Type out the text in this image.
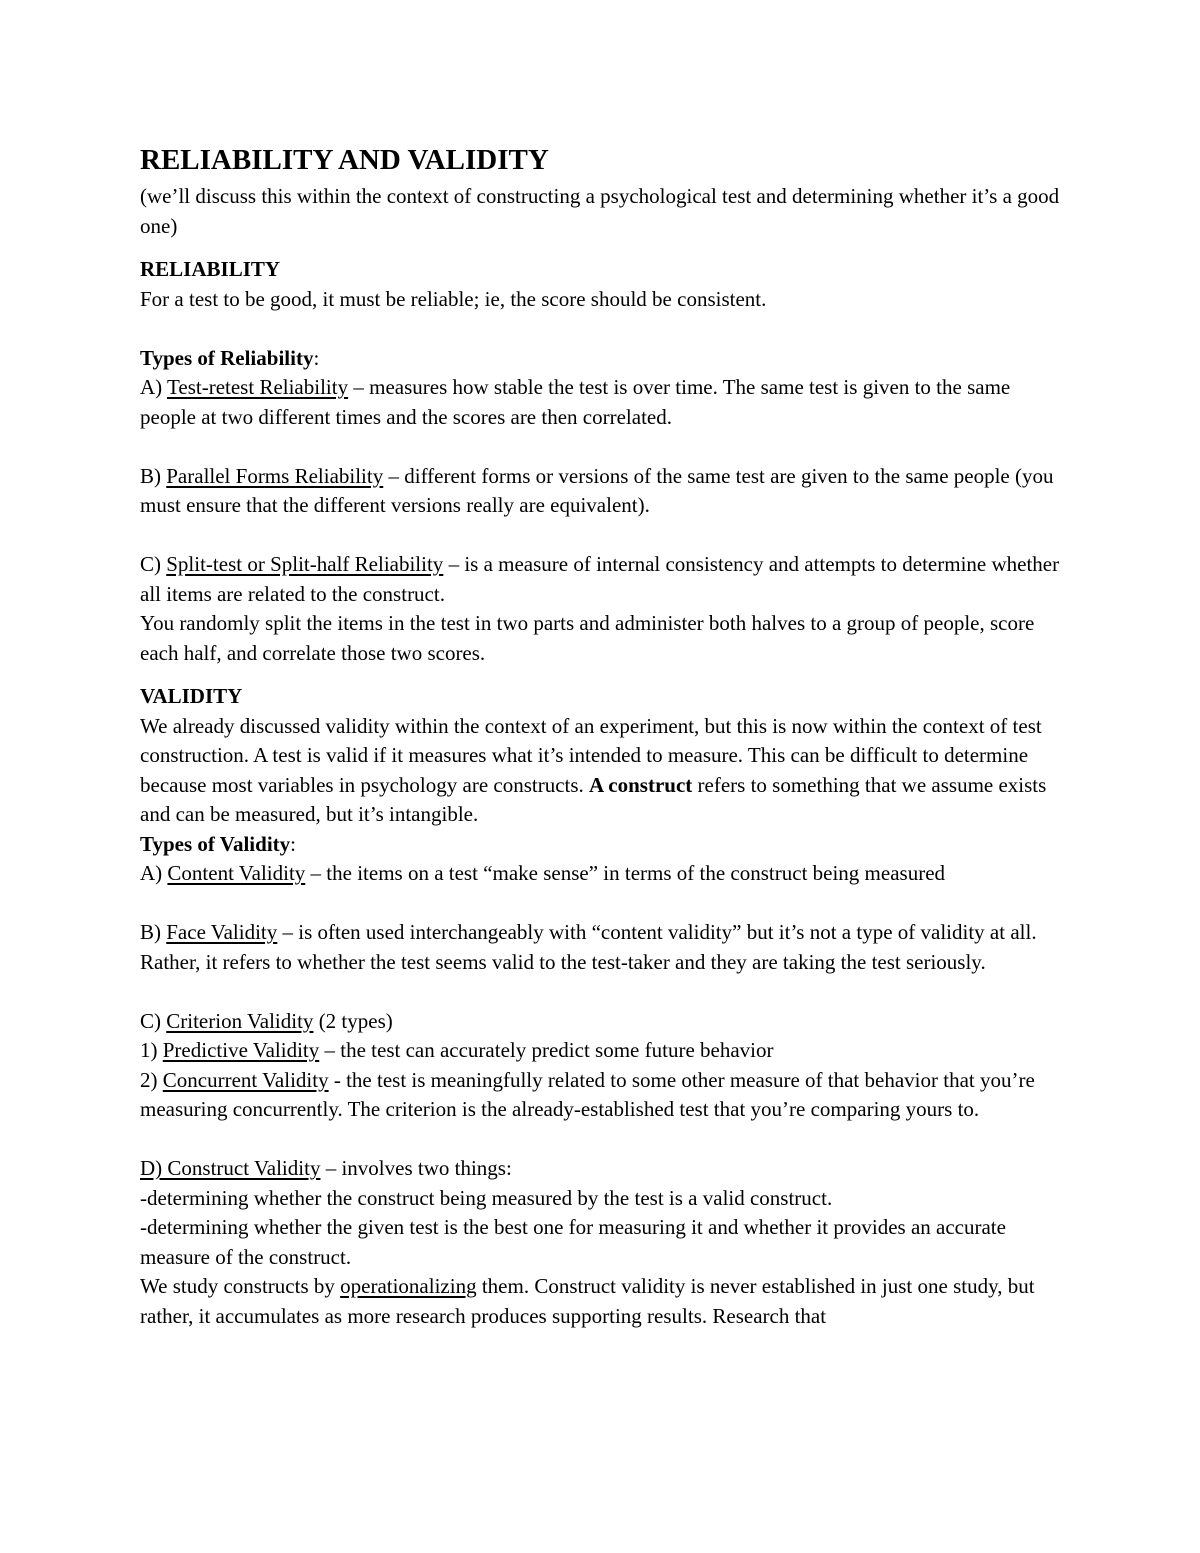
RELIABILITY AND VALIDITY

(we’ll discuss this within the context of constructing a psychological test and determining whether it’s a good one)

RELIABILITY

For a test to be good, it must be reliable; ie, the score should be consistent.

Types of Reliability:

A) Test-retest Reliability – measures how stable the test is over time. The same test is given to the same people at two different times and the scores are then correlated.

B) Parallel Forms Reliability – different forms or versions of the same test are given to the same people (you must ensure that the different versions really are equivalent).

C) Split-test or Split-half Reliability – is a measure of internal consistency and attempts to determine whether all items are related to the construct.

You randomly split the items in the test in two parts and administer both halves to a group of people, score each half, and correlate those two scores.

VALIDITY

We already discussed validity within the context of an experiment, but this is now within the context of test construction. A test is valid if it measures what it’s intended to measure. This can be difficult to determine because most variables in psychology are constructs. A construct refers to something that we assume exists and can be measured, but it’s intangible.

Types of Validity:

A) Content Validity – the items on a test “make sense” in terms of the construct being measured

B) Face Validity – is often used interchangeably with “content validity” but it’s not a type of validity at all. Rather, it refers to whether the test seems valid to the test-taker and they are taking the test seriously.

C) Criterion Validity (2 types)

1) Predictive Validity – the test can accurately predict some future behavior

2) Concurrent Validity - the test is meaningfully related to some other measure of that behavior that you’re measuring concurrently. The criterion is the already-established test that you’re comparing yours to.

D) Construct Validity – involves two things:

-determining whether the construct being measured by the test is a valid construct.

-determining whether the given test is the best one for measuring it and whether it provides an accurate measure of the construct.

We study constructs by operationalizing them. Construct validity is never established in just one study, but rather, it accumulates as more research produces supporting results. Research that
